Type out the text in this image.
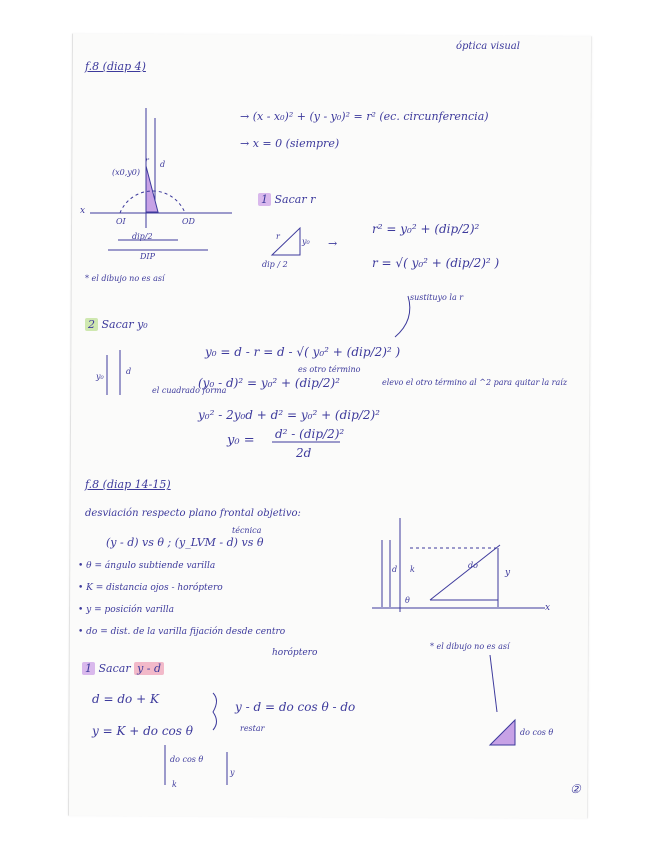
óptica visual
f.8 (diap 4)
→ (x - x₀)² + (y - y₀)² = r² (ec. circunferencia)
→ x = 0 (siempre)
1 Sacar r
r² = y₀² + (dip/2)²
r = √( y₀² + (dip/2)² )
y₀
r
dip / 2
→
sustituyo la r
r d
(x0,y0)
OI	OD
dip/2
DIP
x
* el dibujo no es así
2 Sacar y₀
y₀ = d - r = d - √( y₀² + (dip/2)² )
es otro término
(y₀ - d)² = y₀² + (dip/2)²	elevo el otro término al ^2 para quitar la raíz
el cuadrado forma
y₀² - 2y₀d + d² = y₀² + (dip/2)²
y₀ = d² - (dip/2)²
2d
y₀
d
f.8 (diap 14-15)
desviación respecto plano frontal objetivo:
técnica
(y - d) vs θ ; (y_LVM - d) vs θ
• θ = ángulo subtiende varilla
• K = distancia ojos - horóptero
• y = posición varilla
• do = dist. de la varilla fijación desde centro
horóptero
d k	do
y
θ
x
* el dibujo no es así
1 Sacar y - d
d = do + K
y = K + do cos θ
y - d = do cos θ - do
restar	do cos θ
do cos θ
y
k	②
